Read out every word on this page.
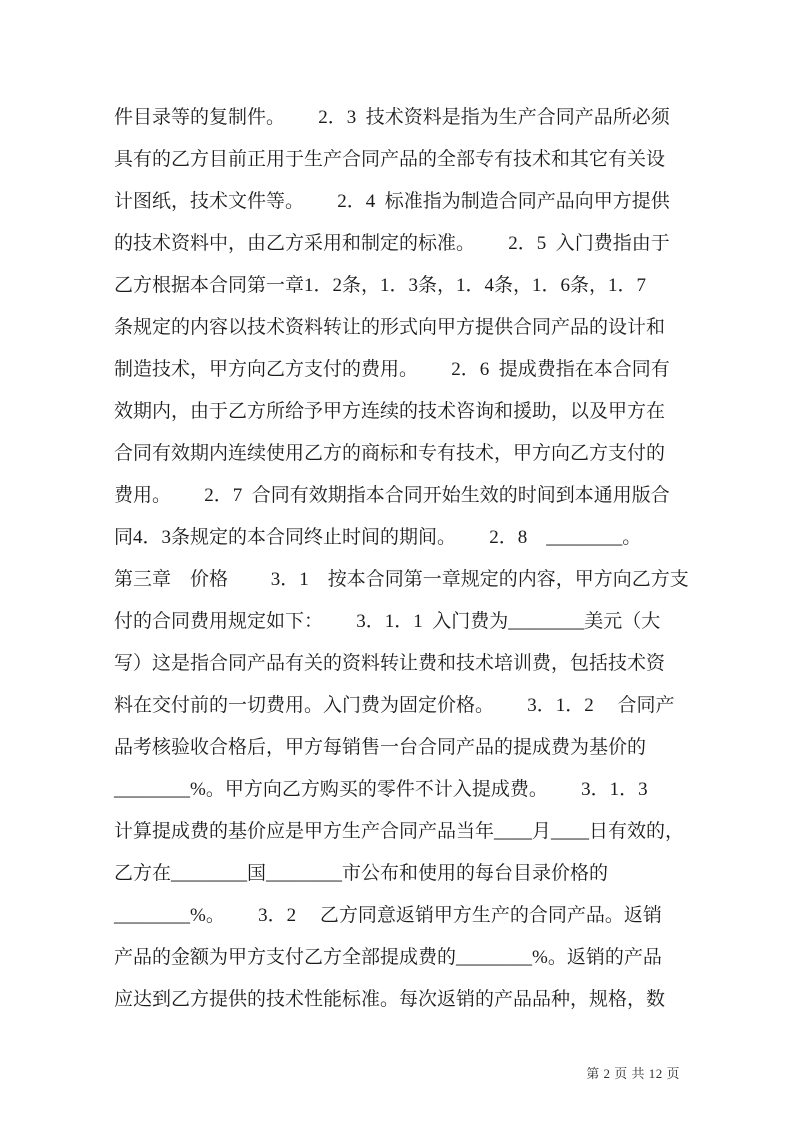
件目录等的复制件。　　 2．3  技术资料是指为生产合同产品所必须

具有的乙方目前正用于生产合同产品的全部专有技术和其它有关设

计图纸，技术文件等。　　 2．4  标准指为制造合同产品向甲方提供

的技术资料中，由乙方采用和制定的标准。　　 2．5  入门费指由于

乙方根据本合同第一章1．2条，1．3条，1．4条，1．6条，1．7

条规定的内容以技术资料转让的形式向甲方提供合同产品的设计和

制造技术，甲方向乙方支付的费用。　　 2．6  提成费指在本合同有

效期内，由于乙方所给予甲方连续的技术咨询和援助，以及甲方在

合同有效期内连续使用乙方的商标和专有技术，甲方向乙方支付的

费用。　　 2．7  合同有效期指本合同开始生效的时间到本通用版合

同4．3条规定的本合同终止时间的期间。　　 2．8　________。

第三章　价格　　 3．1　按本合同第一章规定的内容，甲方向乙方支

付的合同费用规定如下：　　 3．1．1  入门费为________美元（大

写）这是指合同产品有关的资料转让费和技术培训费，包括技术资

料在交付前的一切费用。入门费为固定价格。　　 3．1．2 　合同产

品考核验收合格后，甲方每销售一台合同产品的提成费为基价的

________%。甲方向乙方购买的零件不计入提成费。　　 3．1．3

计算提成费的基价应是甲方生产合同产品当年____月____日有效的，

乙方在________国________市公布和使用的每台目录价格的

________%。　　 3．2 　乙方同意返销甲方生产的合同产品。返销

产品的金额为甲方支付乙方全部提成费的________%。返销的产品

应达到乙方提供的技术性能标准。每次返销的产品品种，规格，数

第 2 页 共 12 页
